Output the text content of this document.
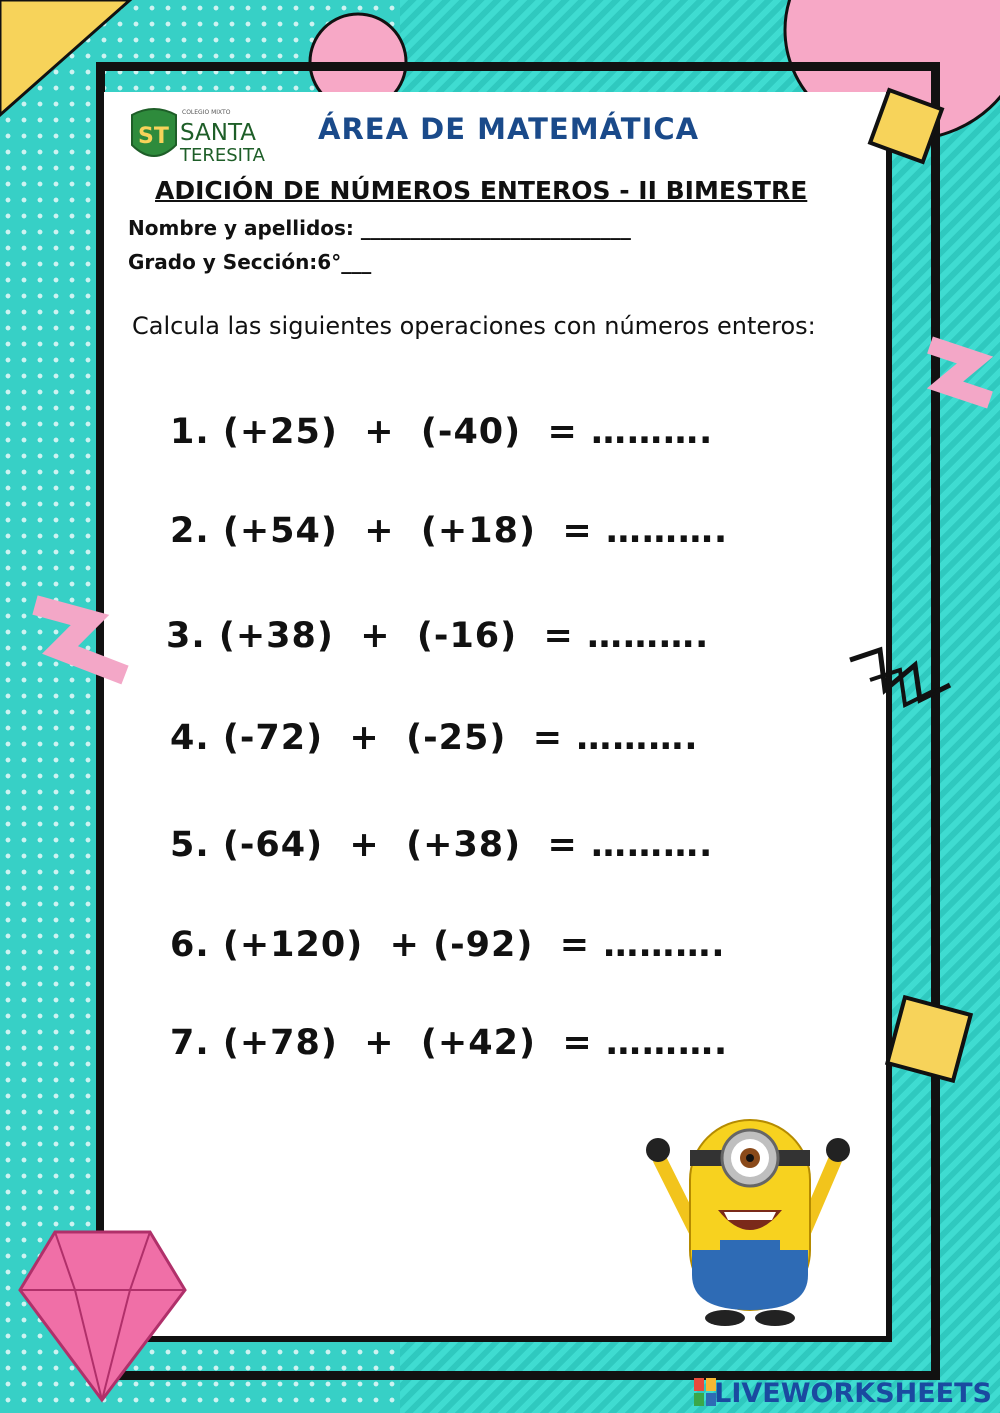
ST
COLEGIO MIXTO
SANTA
TERESITA
ÁREA DE MATEMÁTICA
ADICIÓN DE NÚMEROS ENTEROS - II BIMESTRE
Nombre y apellidos: ___________________________
Grado y Sección:6°___
Calcula las siguientes operaciones con números enteros:
1. (+25)  +  (-40)  = ……….
2. (+54)  +  (+18)  = ……….
3. (+38)  +  (-16)  = ……….
4. (-72)  +  (-25)  = ……….
5. (-64)  +  (+38)  = ……….
6. (+120)  + (-92)  = ……….
7. (+78)  +  (+42)  = ……….
LIVEWORKSHEETS
